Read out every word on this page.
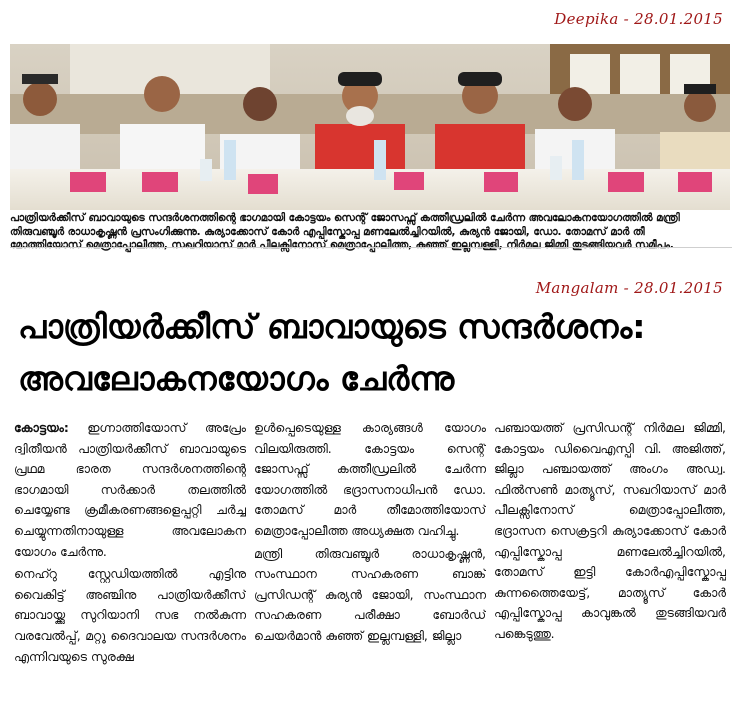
Deepika - 28.01.2015
പാത്രിയർക്കീസ് ബാവായുടെ സന്ദർശനത്തിന്റെ ഭാഗമായി കോട്ടയം സെന്റ് ജോസഫ്സ് കത്തീഡ്രലിൽ ചേർന്ന അവലോകനയോഗത്തിൽ മന്ത്രി
തിരുവഞ്ചൂർ രാധാകൃഷ്ണൻ പ്രസംഗിക്കുന്നു. കുര്യാക്കോസ് കോർ എപ്പിസ്കോപ്പ മണലേൽച്ചിറയിൽ, കുര്യൻ ജോയി, ഡോ. തോമസ് മാർ തീ
മോത്തിയോസ് മെത്രാപ്പോലീത്ത, സഖറിയാസ് മാർ പീലക്സിനോസ് മെത്രാപ്പോലീത്ത, കുഞ്ഞ് ഇല്ലമ്പള്ളി, നിർമല ജിമ്മി തുടങ്ങിയവർ സമീപം.
Mangalam - 28.01.2015
പാത്രിയർക്കീസ് ബാവായുടെ സന്ദർശനം:
അവലോകനയോഗം ചേർന്നു

കോട്ടയം: ഇഗ്നാത്തിയോസ് അപ്രേം ദ്വിതീയൻ പാത്രിയർക്കീസ് ബാവായുടെ പ്രഥമ ഭാരത സന്ദർശനത്തിന്റെ ഭാഗമായി സർക്കാർ തലത്തിൽ ചെയ്യേണ്ട ക്രമീകരണങ്ങളെപ്പറ്റി ചർച്ച ചെയ്യുന്നതിനായുള്ള അവലോകന യോഗം ചേർന്നു.

നെഹ്റു സ്റ്റേഡിയത്തിൽ എട്ടിനു വൈകിട്ട് അഞ്ചിനു പാത്രിയർക്കീസ് ബാവായ്ക്കു സുറിയാനി സഭ നൽകുന്ന വരവേൽപ്പ്, മറ്റു ദൈവാലയ സന്ദർശനം എന്നിവയുടെ സുരക്ഷ

ഉൾപ്പെടെയുള്ള കാര്യങ്ങൾ യോഗം വിലയിരുത്തി. കോട്ടയം സെന്റ് ജോസഫ്സ് കത്തീഡ്രലിൽ ചേർന്ന യോഗത്തിൽ ഭദ്രാസനാധിപൻ ഡോ. തോമസ് മാർ തീമോത്തിയോസ് മെത്രാപ്പോലീത്ത അധ്യക്ഷത വഹിച്ചു.

മന്ത്രി തിരുവഞ്ചൂർ രാധാകൃഷ്ണൻ, സംസ്ഥാന സഹകരണ ബാങ്ക് പ്രസിഡന്റ് കുര്യൻ ജോയി, സംസ്ഥാന സഹകരണ പരീക്ഷാ ബോർഡ് ചെയർമാൻ കുഞ്ഞ് ഇല്ലമ്പള്ളി, ജില്ലാ

പഞ്ചായത്ത് പ്രസിഡന്റ് നിർമല ജിമ്മി, കോട്ടയം ഡിവൈഎസ്പി വി. അജിത്ത്, ജില്ലാ പഞ്ചായത്ത് അംഗം അഡ്വ. ഫിൽസൺ മാത്യൂസ്, സഖറിയാസ് മാർ പീലക്സിനോസ് മെത്രാപ്പോലീത്ത, ഭദ്രാസന സെക്രട്ടറി കുര്യാക്കോസ് കോർ എപ്പിസ്കോപ്പ മണലേൽച്ചിറയിൽ, തോമസ് ഇട്ടി കോർഎപ്പിസ്കോപ്പ കുന്നത്തൈയേട്ട്, മാത്യൂസ് കോർ എപ്പിസ്കോപ്പ കാവുങ്കൽ തുടങ്ങിയവർ പങ്കെടുത്തു.
